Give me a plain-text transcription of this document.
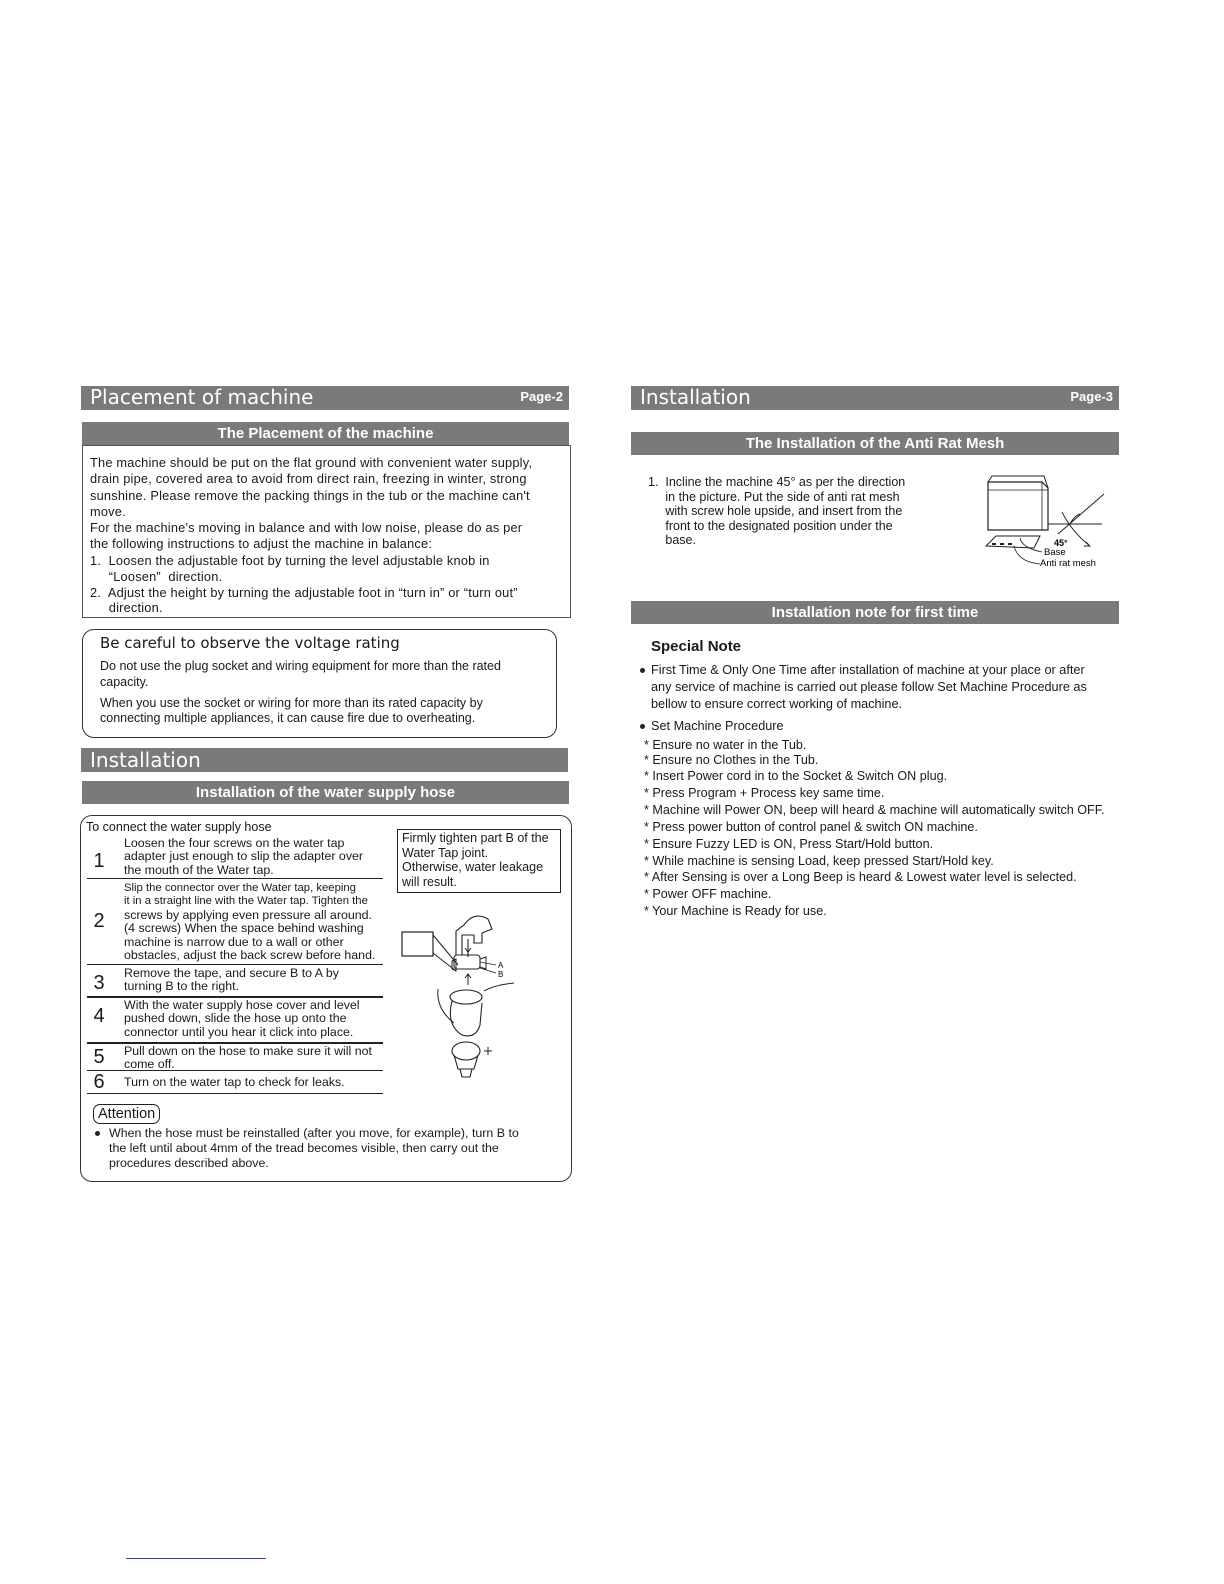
Placement of machine	Page-2
The Placement of the machine
The machine should be put on the flat ground with convenient water supply,
drain pipe, covered area to avoid from direct rain, freezing in winter, strong
sunshine. Please remove the packing things in the tub or the machine can't
move.
For the machine's moving in balance and with low noise, please do as per
the following instructions to adjust the machine in balance:
1.  Loosen the adjustable foot by turning the level adjustable knob in
“Loosen”  direction.
2.  Adjust the height by turning the adjustable foot in “turn in” or “turn out”
direction.
Be careful to observe the voltage rating
Do not use the plug socket and wiring equipment for more than the rated
capacity.
When you use the socket or wiring for more than its rated capacity by
connecting multiple appliances, it can cause fire due to overheating.
Installation
Installation of the water supply hose
To connect the water supply hose
Firmly tighten part B of the
Water Tap joint.
Otherwise, water leakage
will result.
1
Loosen the four screws on the water tap
adapter just enough to slip the adapter over
the mouth of the Water tap.
2
Slip the connector over the Water tap, keeping
it in a straight line with the Water tap. Tighten the
screws by applying even pressure all around.
(4 screws) When the space behind washing
machine is narrow due to a wall or other
obstacles, adjust the back screw before hand.
3	Remove the tape, and secure B to A by
turning B to the right.
4	With the water supply hose cover and level
pushed down, slide the hose up onto the
connector until you hear it click into place.
5	Pull down on the hose to make sure it will not
come off.
6	Turn on the water tap to check for leaks.
A
B
Attention
When the hose must be reinstalled (after you move, for example), turn B to
the left until about 4mm of the tread becomes visible, then carry out the
procedures described above.
Installation	Page-3
The Installation of the Anti Rat Mesh
1.  Incline the machine 45° as per the direction
in the picture. Put the side of anti rat mesh
with screw hole upside, and insert from the
front to the designated position under the
base.	45°
Base
Anti rat mesh
Installation note for first time
Special Note
First Time & Only One Time after installation of machine at your place or after
any service of machine is carried out please follow Set Machine Procedure as
bellow to ensure correct working of machine.
Set Machine Procedure
* Ensure no water in the Tub.
* Ensure no Clothes in the Tub.
* Insert Power cord in to the Socket & Switch ON plug.
* Press Program + Process key same time.
* Machine will Power ON, beep will heard & machine will automatically switch OFF.
* Press power button of control panel & switch ON machine.
* Ensure Fuzzy LED is ON, Press Start/Hold button.
* While machine is sensing Load, keep pressed Start/Hold key.
* After Sensing is over a Long Beep is heard & Lowest water level is selected.
* Power OFF machine.
* Your Machine is Ready for use.
